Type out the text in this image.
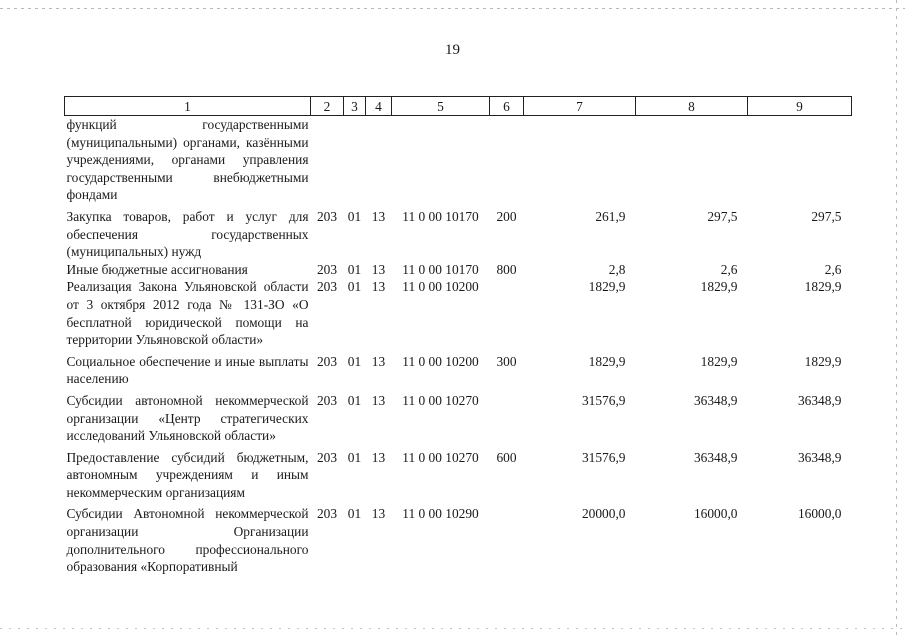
19
1	2	3	4	5	6	7	8	9
функций государственными (муниципальными) органами, казёнными учреждениями, органами управления государственными внебюджетными фондами								
Закупка товаров, работ и услуг для обеспечения государственных (муниципальных) нужд	203	01	13	11 0 00 10170	200	261,9	297,5	297,5
Иные бюджетные ассигнования	203	01	13	11 0 00 10170	800	2,8	2,6	2,6
Реализация Закона Ульяновской области от 3 октября 2012 года № 131-ЗО «О бесплатной юридической помощи на территории Ульяновской области»	203	01	13	11 0 00 10200		1829,9	1829,9	1829,9
Социальное обеспечение и иные выплаты населению	203	01	13	11 0 00 10200	300	1829,9	1829,9	1829,9
Субсидии автономной некоммерческой организации «Центр стратегических исследований Ульяновской области»	203	01	13	11 0 00 10270		31576,9	36348,9	36348,9
Предоставление субсидий бюджетным, автономным учреждениям и иным некоммерческим организациям	203	01	13	11 0 00 10270	600	31576,9	36348,9	36348,9
Субсидии Автономной некоммерческой организации Организации дополнительного профессионального образования «Корпоративный	203	01	13	11 0 00 10290		20000,0	16000,0	16000,0
